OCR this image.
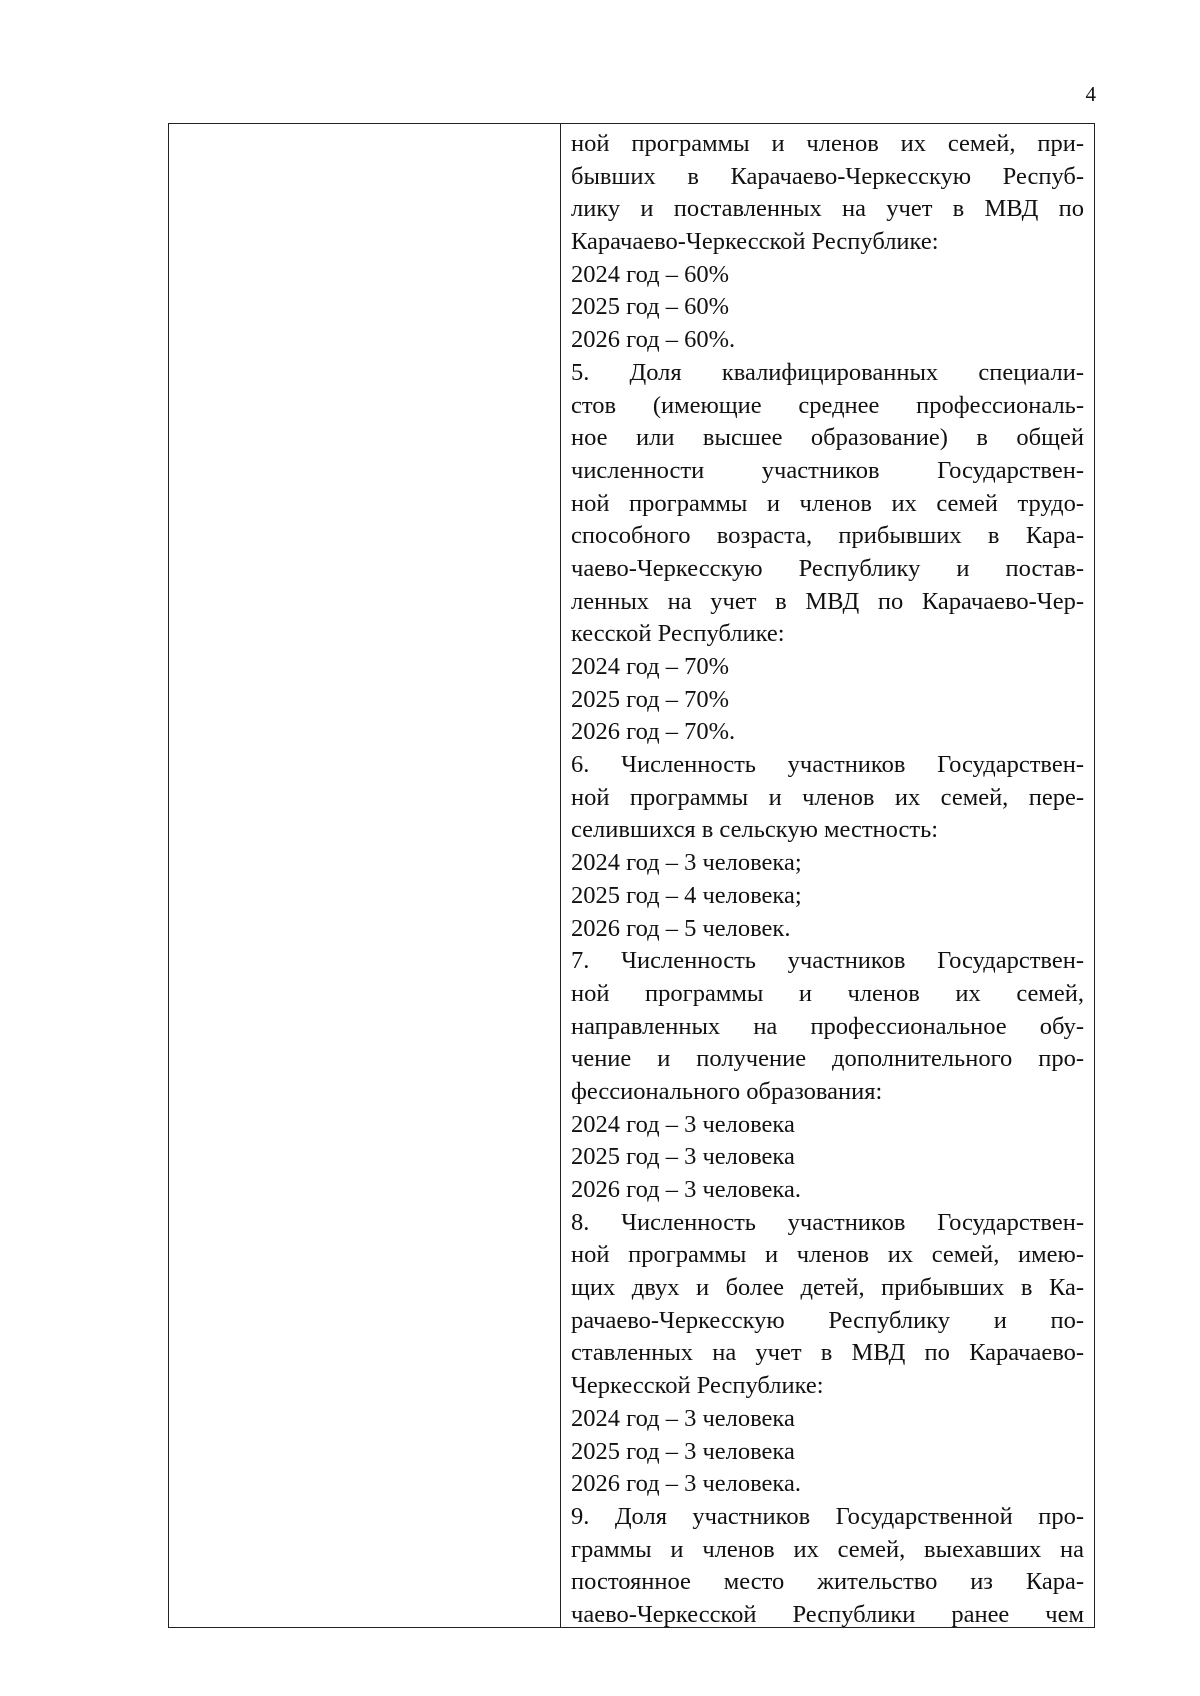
4
ной программы и членов их семей, при-
бывших в Карачаево-Черкесскую Респуб-
лику и поставленных на учет в МВД по
Карачаево-Черкесской Республике:
2024 год – 60%
2025 год – 60%
2026 год – 60%.
5. Доля квалифицированных специали-
стов (имеющие среднее профессиональ-
ное или высшее образование) в общей
численности участников Государствен-
ной программы и членов их семей трудо-
способного возраста, прибывших в Кара-
чаево-Черкесскую Республику и постав-
ленных на учет в МВД по Карачаево-Чер-
кесской Республике:
2024 год – 70%
2025 год – 70%
2026 год – 70%.
6. Численность участников Государствен-
ной программы и членов их семей, пере-
селившихся в сельскую местность:
2024 год – 3 человека;
2025 год – 4 человека;
2026 год – 5 человек.
7. Численность участников Государствен-
ной программы и членов их семей,
направленных на профессиональное обу-
чение и получение дополнительного про-
фессионального образования:
2024 год – 3 человека
2025 год – 3 человека
2026 год – 3 человека.
8. Численность участников Государствен-
ной программы и членов их семей, имею-
щих двух и более детей, прибывших в Ка-
рачаево-Черкесскую Республику и по-
ставленных на учет в МВД по Карачаево-
Черкесской Республике:
2024 год – 3 человека
2025 год – 3 человека
2026 год – 3 человека.
9. Доля участников Государственной про-
граммы и членов их семей, выехавших на
постоянное место жительство из Кара-
чаево-Черкесской Республики ранее чем
